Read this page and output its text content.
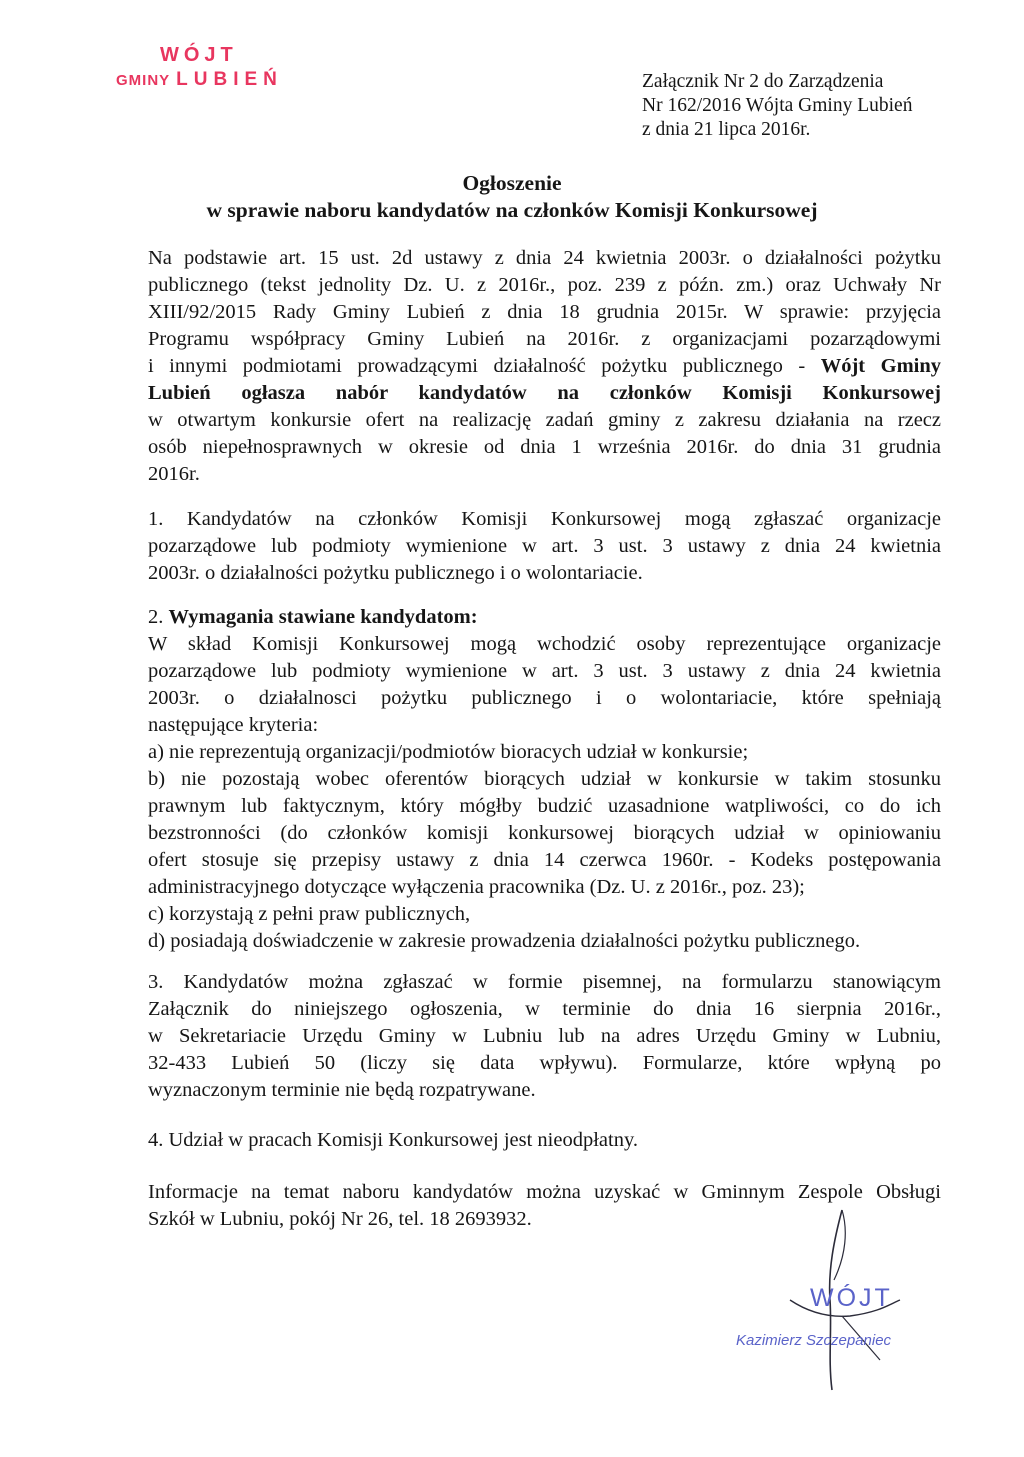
WÓJT
GMINY LUBIEŃ	Załącznik Nr 2 do Zarządzenia
Nr 162/2016 Wójta Gminy Lubień
z dnia 21 lipca 2016r.
Ogłoszenie
w sprawie naboru kandydatów na członków Komisji Konkursowej
Na podstawie art. 15 ust. 2d ustawy z dnia 24 kwietnia 2003r. o działalności pożytku
publicznego (tekst jednolity Dz. U. z 2016r., poz. 239 z późn. zm.) oraz Uchwały Nr
XIII/92/2015 Rady Gminy Lubień z dnia 18 grudnia 2015r. W sprawie: przyjęcia
Programu współpracy Gminy Lubień na 2016r. z organizacjami pozarządowymi
i innymi podmiotami prowadzącymi działalność pożytku publicznego - Wójt Gminy
Lubień ogłasza nabór kandydatów na członków Komisji Konkursowej
w otwartym konkursie ofert na realizację zadań gminy z zakresu działania na rzecz
osób niepełnosprawnych w okresie od dnia 1 września 2016r. do dnia 31 grudnia
2016r.
1. Kandydatów na członków Komisji Konkursowej mogą zgłaszać organizacje
pozarządowe lub podmioty wymienione w art. 3 ust. 3 ustawy z dnia 24 kwietnia
2003r. o działalności pożytku publicznego i o wolontariacie.
2. Wymagania stawiane kandydatom:
W skład Komisji Konkursowej mogą wchodzić osoby reprezentujące organizacje
pozarządowe lub podmioty wymienione w art. 3 ust. 3 ustawy z dnia 24 kwietnia
2003r. o działalnosci pożytku publicznego i o wolontariacie, które spełniają
następujące kryteria:
a) nie reprezentują organizacji/podmiotów bioracych udział w konkursie;
b) nie pozostają wobec oferentów biorących udział w konkursie w takim stosunku
prawnym lub faktycznym, który mógłby budzić uzasadnione watpliwości, co do ich
bezstronności (do członków komisji konkursowej biorących udział w opiniowaniu
ofert stosuje się przepisy ustawy z dnia 14 czerwca 1960r. - Kodeks postępowania
administracyjnego dotyczące wyłączenia pracownika (Dz. U. z 2016r., poz. 23);
c) korzystają z pełni praw publicznych,
d) posiadają doświadczenie w zakresie prowadzenia działalności pożytku publicznego.
3. Kandydatów można zgłaszać w formie pisemnej, na formularzu stanowiącym
Załącznik do niniejszego ogłoszenia, w terminie do dnia 16 sierpnia 2016r.,
w Sekretariacie Urzędu Gminy w Lubniu lub na adres Urzędu Gminy w Lubniu,
32-433 Lubień 50 (liczy się data wpływu). Formularze, które wpłyną po
wyznaczonym terminie nie będą rozpatrywane.
4. Udział w pracach Komisji Konkursowej jest nieodpłatny.
Informacje na temat naboru kandydatów można uzyskać w Gminnym Zespole Obsługi
Szkół w Lubniu, pokój Nr 26, tel. 18 2693932.
WÓJT
Kazimierz Szczepaniec
